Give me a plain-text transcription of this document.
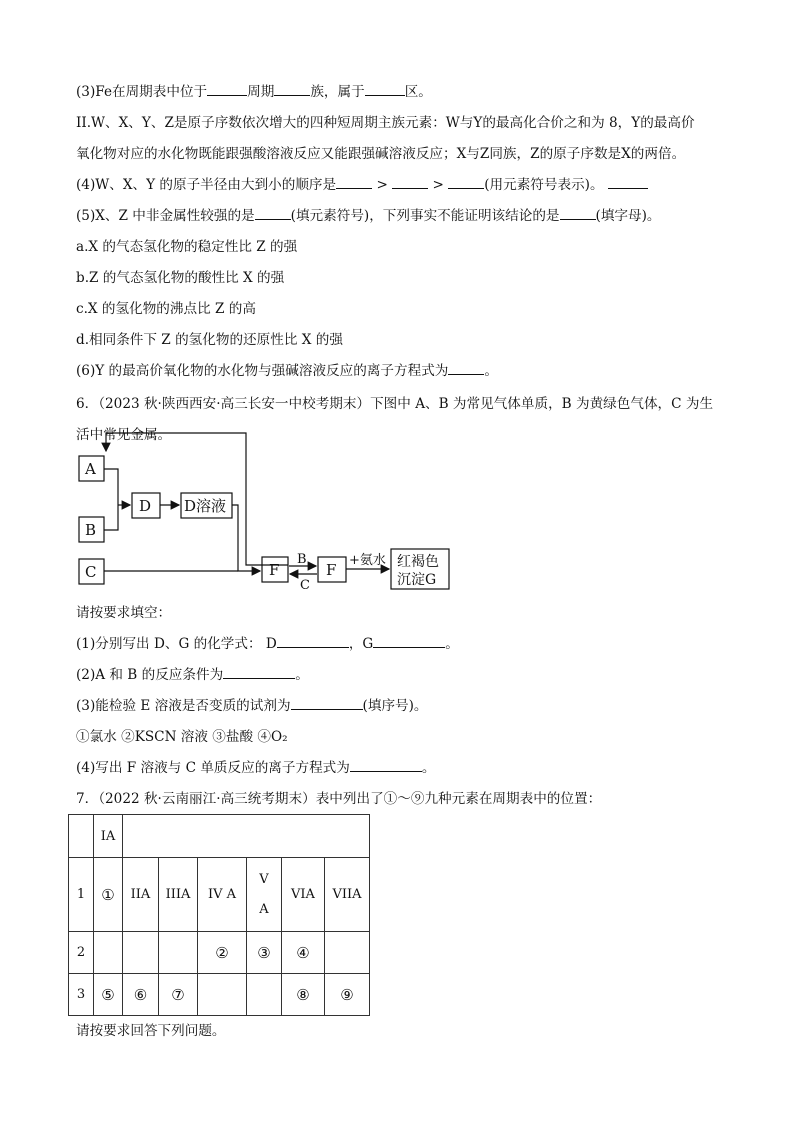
(3)Fe在周期表中位于	周期	族，属于	区。
II.W、X、Y、Z是原子序数依次增大的四种短周期主族元素：W与Y的最高化合价之和为 8，Y的最高价
氧化物对应的水化物既能跟强酸溶液反应又能跟强碱溶液反应；X与Z同族，Z的原子序数是X的两倍。
(4)W、X、Y 的原子半径由大到小的顺序是	>	>	(用元素符号表示)。
(5)X、Z 中非金属性较强的是	(填元素符号)，下列事实不能证明该结论的是	(填字母)。
a.X 的气态氢化物的稳定性比 Z 的强
b.Z 的气态氢化物的酸性比 X 的强
c.X 的氢化物的沸点比 Z 的高
d.相同条件下 Z 的氢化物的还原性比 X 的强
(6)Y 的最高价氧化物的水化物与强碱溶液反应的离子方程式为	。
6．（2023 秋·陕西西安·高三长安一中校考期末）下图中 A、B 为常见气体单质，B 为黄绿色气体，C 为生
活中常见金属。
A
B
C
D D溶液
F	F
B
C
+氨水 红褐色
沉淀G
请按要求填空：
(1)分别写出 D、G 的化学式： D	，G	。
(2)A 和 B 的反应条件为	。
(3)能检验 E 溶液是否变质的试剂为	(填序号)。
①氯水 ②KSCN 溶液 ③盐酸 ④O₂
(4)写出 F 溶液与 C 单质反应的离子方程式为	。
7．（2022 秋·云南丽江·高三统考期末）表中列出了①～⑨九种元素在周期表中的位置：
	IA						
1	①	IIA	IIIA	IV A	V A	VIA	VIIA
2				②	③	④	
3	⑤	⑥	⑦			⑧	⑨
请按要求回答下列问题。
